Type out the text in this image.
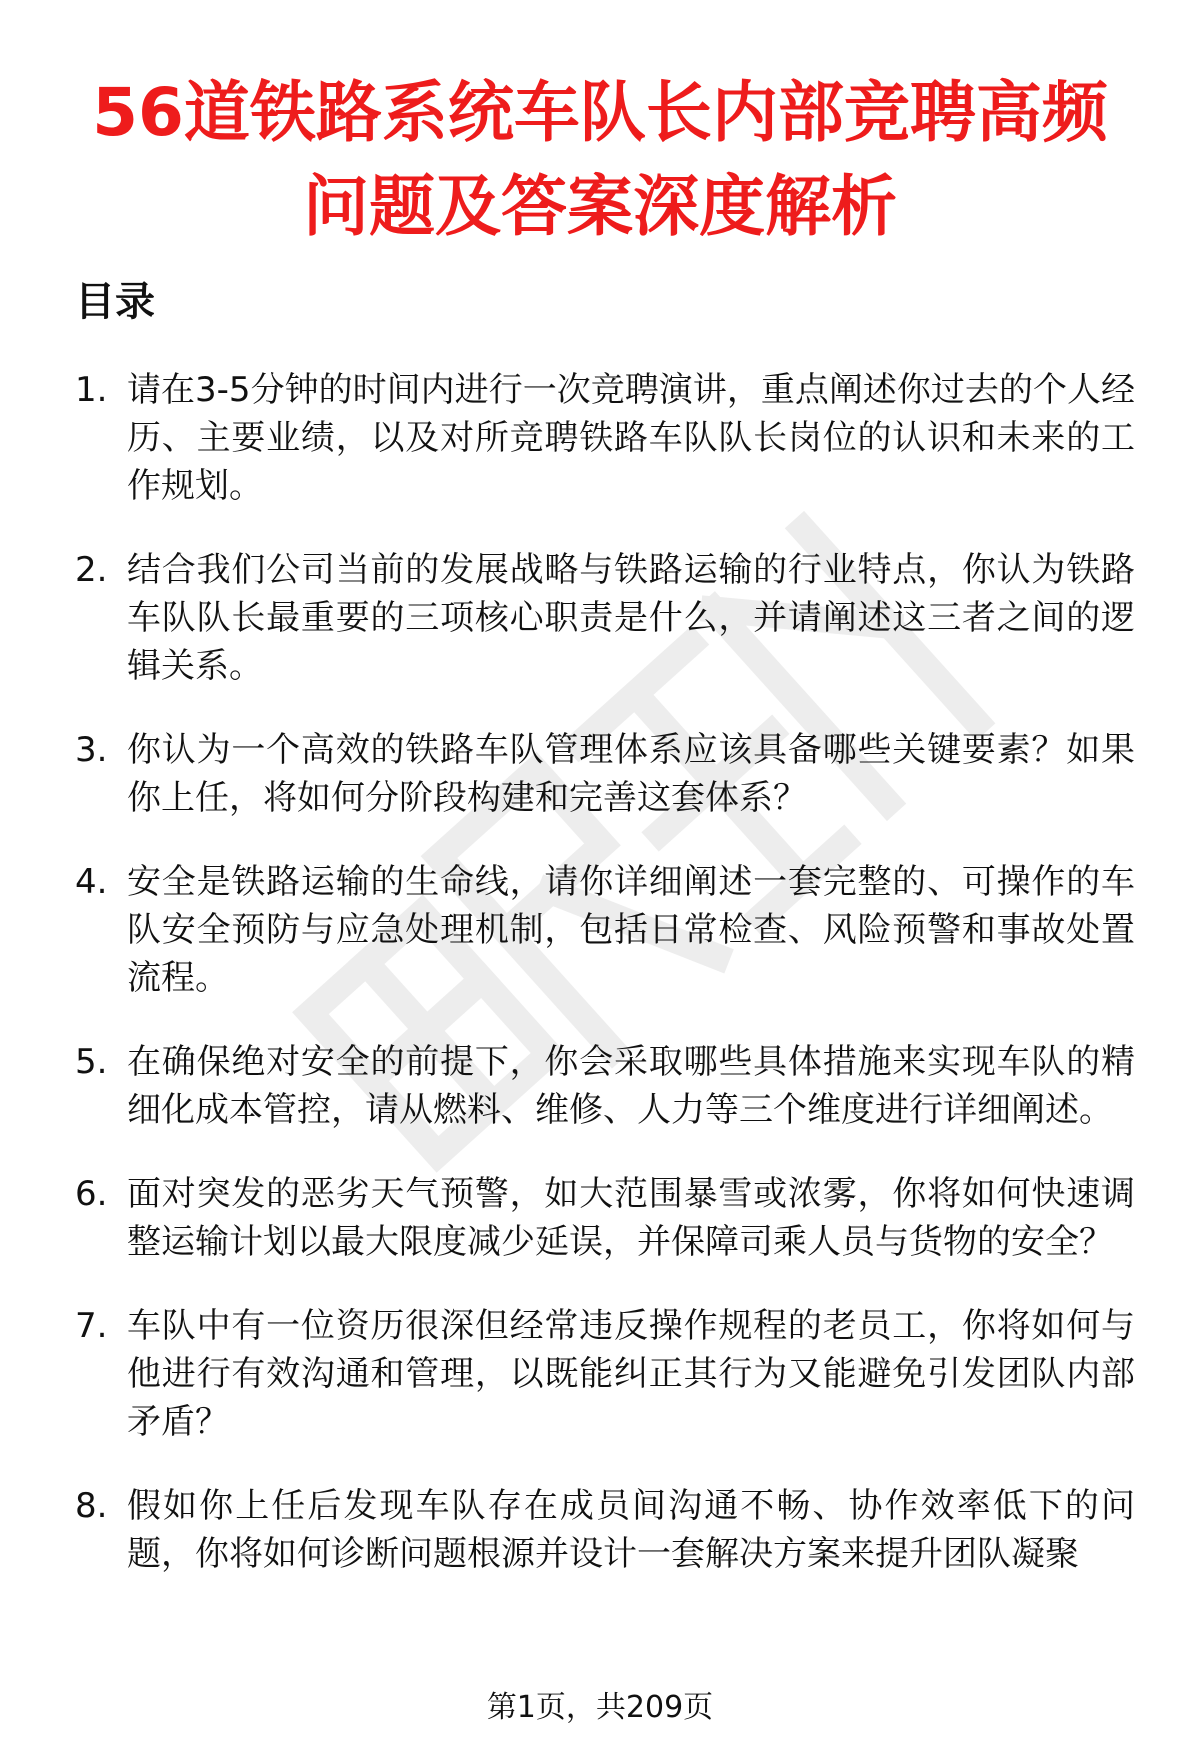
56道铁路系统车队长内部竞聘高频问题及答案深度解析
目录
1. 请在3-5分钟的时间内进行一次竞聘演讲，重点阐述你过去的个人经历、主要业绩，以及对所竞聘铁路车队队长岗位的认识和未来的工作规划。
2. 结合我们公司当前的发展战略与铁路运输的行业特点，你认为铁路车队队长最重要的三项核心职责是什么，并请阐述这三者之间的逻辑关系。
3. 你认为一个高效的铁路车队管理体系应该具备哪些关键要素？如果你上任，将如何分阶段构建和完善这套体系？
4. 安全是铁路运输的生命线，请你详细阐述一套完整的、可操作的车队安全预防与应急处理机制，包括日常检查、风险预警和事故处置流程。
5. 在确保绝对安全的前提下，你会采取哪些具体措施来实现车队的精细化成本管控，请从燃料、维修、人力等三个维度进行详细阐述。
6. 面对突发的恶劣天气预警，如大范围暴雪或浓雾，你将如何快速调整运输计划以最大限度减少延误，并保障司乘人员与货物的安全？
7. 车队中有一位资历很深但经常违反操作规程的老员工，你将如何与他进行有效沟通和管理，以既能纠正其行为又能避免引发团队内部矛盾？
8. 假如你上任后发现车队存在成员间沟通不畅、协作效率低下的问题，你将如何诊断问题根源并设计一套解决方案来提升团队凝聚
第1页，共209页
